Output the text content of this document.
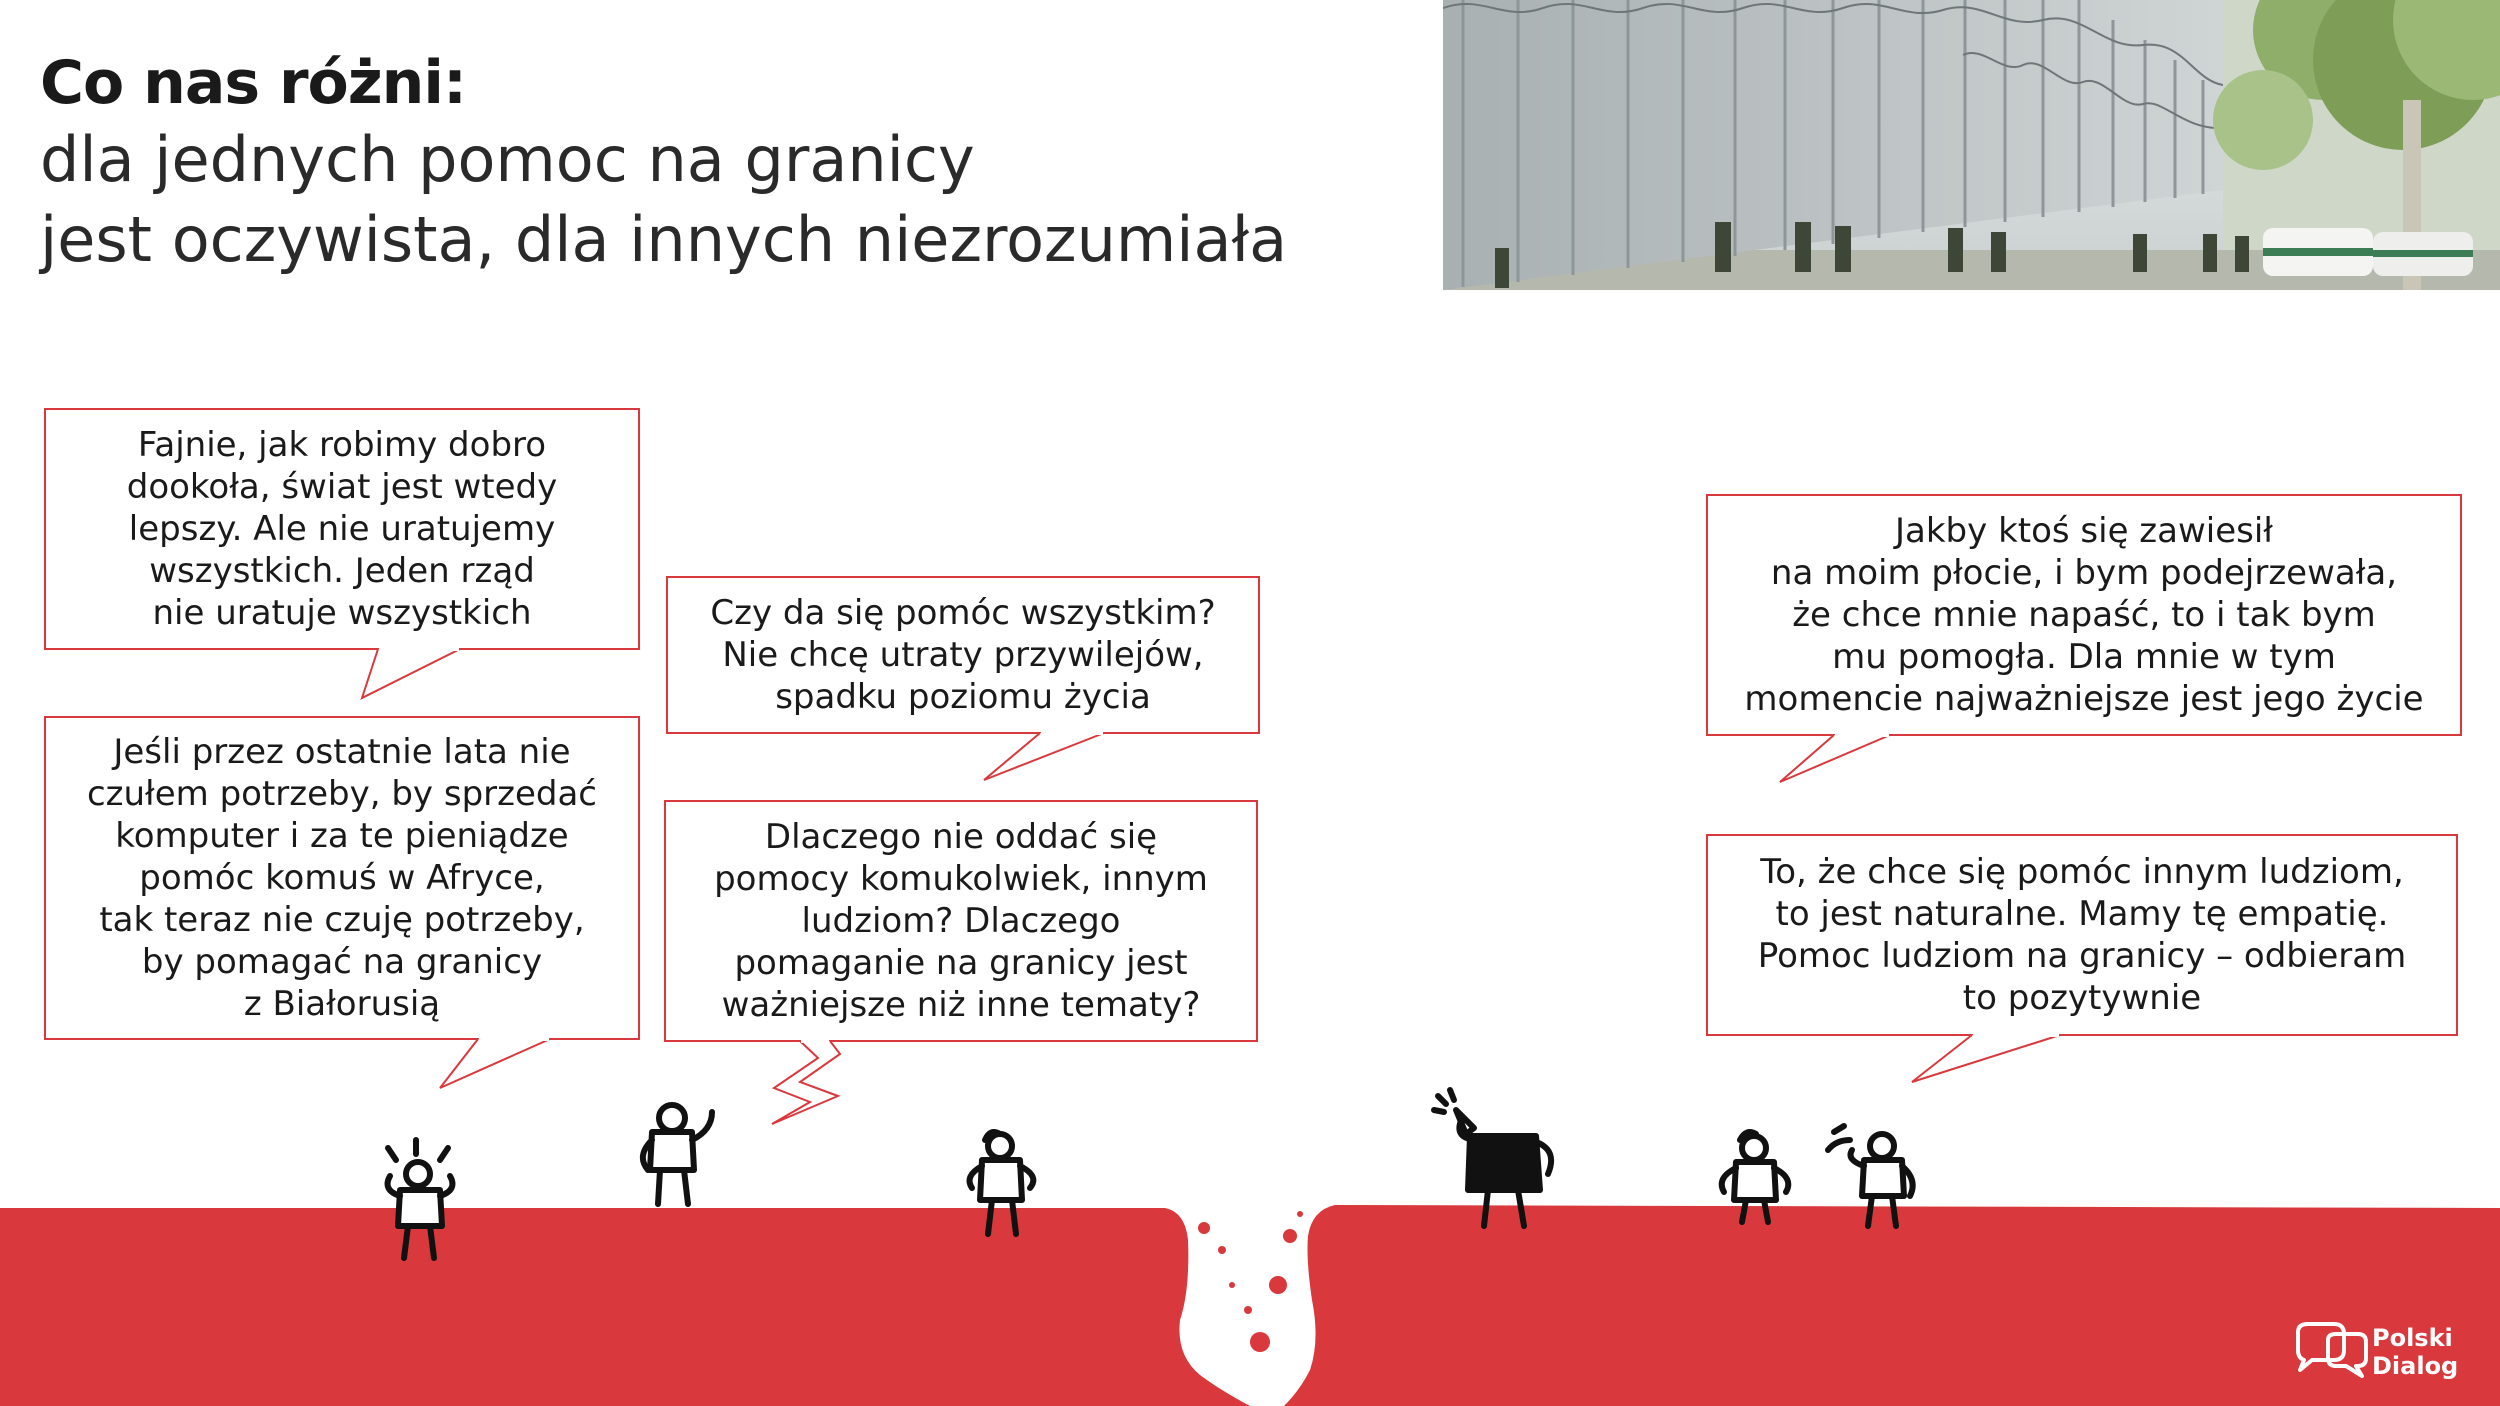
Co nas różni:
dla jednych pomoc na granicy
jest oczywista, dla innych niezrozumiała
Fajnie, jak robimy dobro
dookoła, świat jest wtedy
lepszy. Ale nie uratujemy
wszystkich. Jeden rząd
nie uratuje wszystkich
Jeśli przez ostatnie lata nie
czułem potrzeby, by sprzedać
komputer i za te pieniądze
pomóc komuś w Afryce,
tak teraz nie czuję potrzeby,
by pomagać na granicy
z Białorusią
Czy da się pomóc wszystkim?
Nie chcę utraty przywilejów,
spadku poziomu życia
Dlaczego nie oddać się
pomocy komukolwiek, innym
ludziom? Dlaczego
pomaganie na granicy jest
ważniejsze niż inne tematy?
Jakby ktoś się zawiesił
na moim płocie, i bym podejrzewała,
że chce mnie napaść, to i tak bym
mu pomogła. Dla mnie w tym
momencie najważniejsze jest jego życie
To, że chce się pomóc innym ludziom,
to jest naturalne. Mamy tę empatię.
Pomoc ludziom na granicy – odbieram
to pozytywnie

Polski
Dialog
